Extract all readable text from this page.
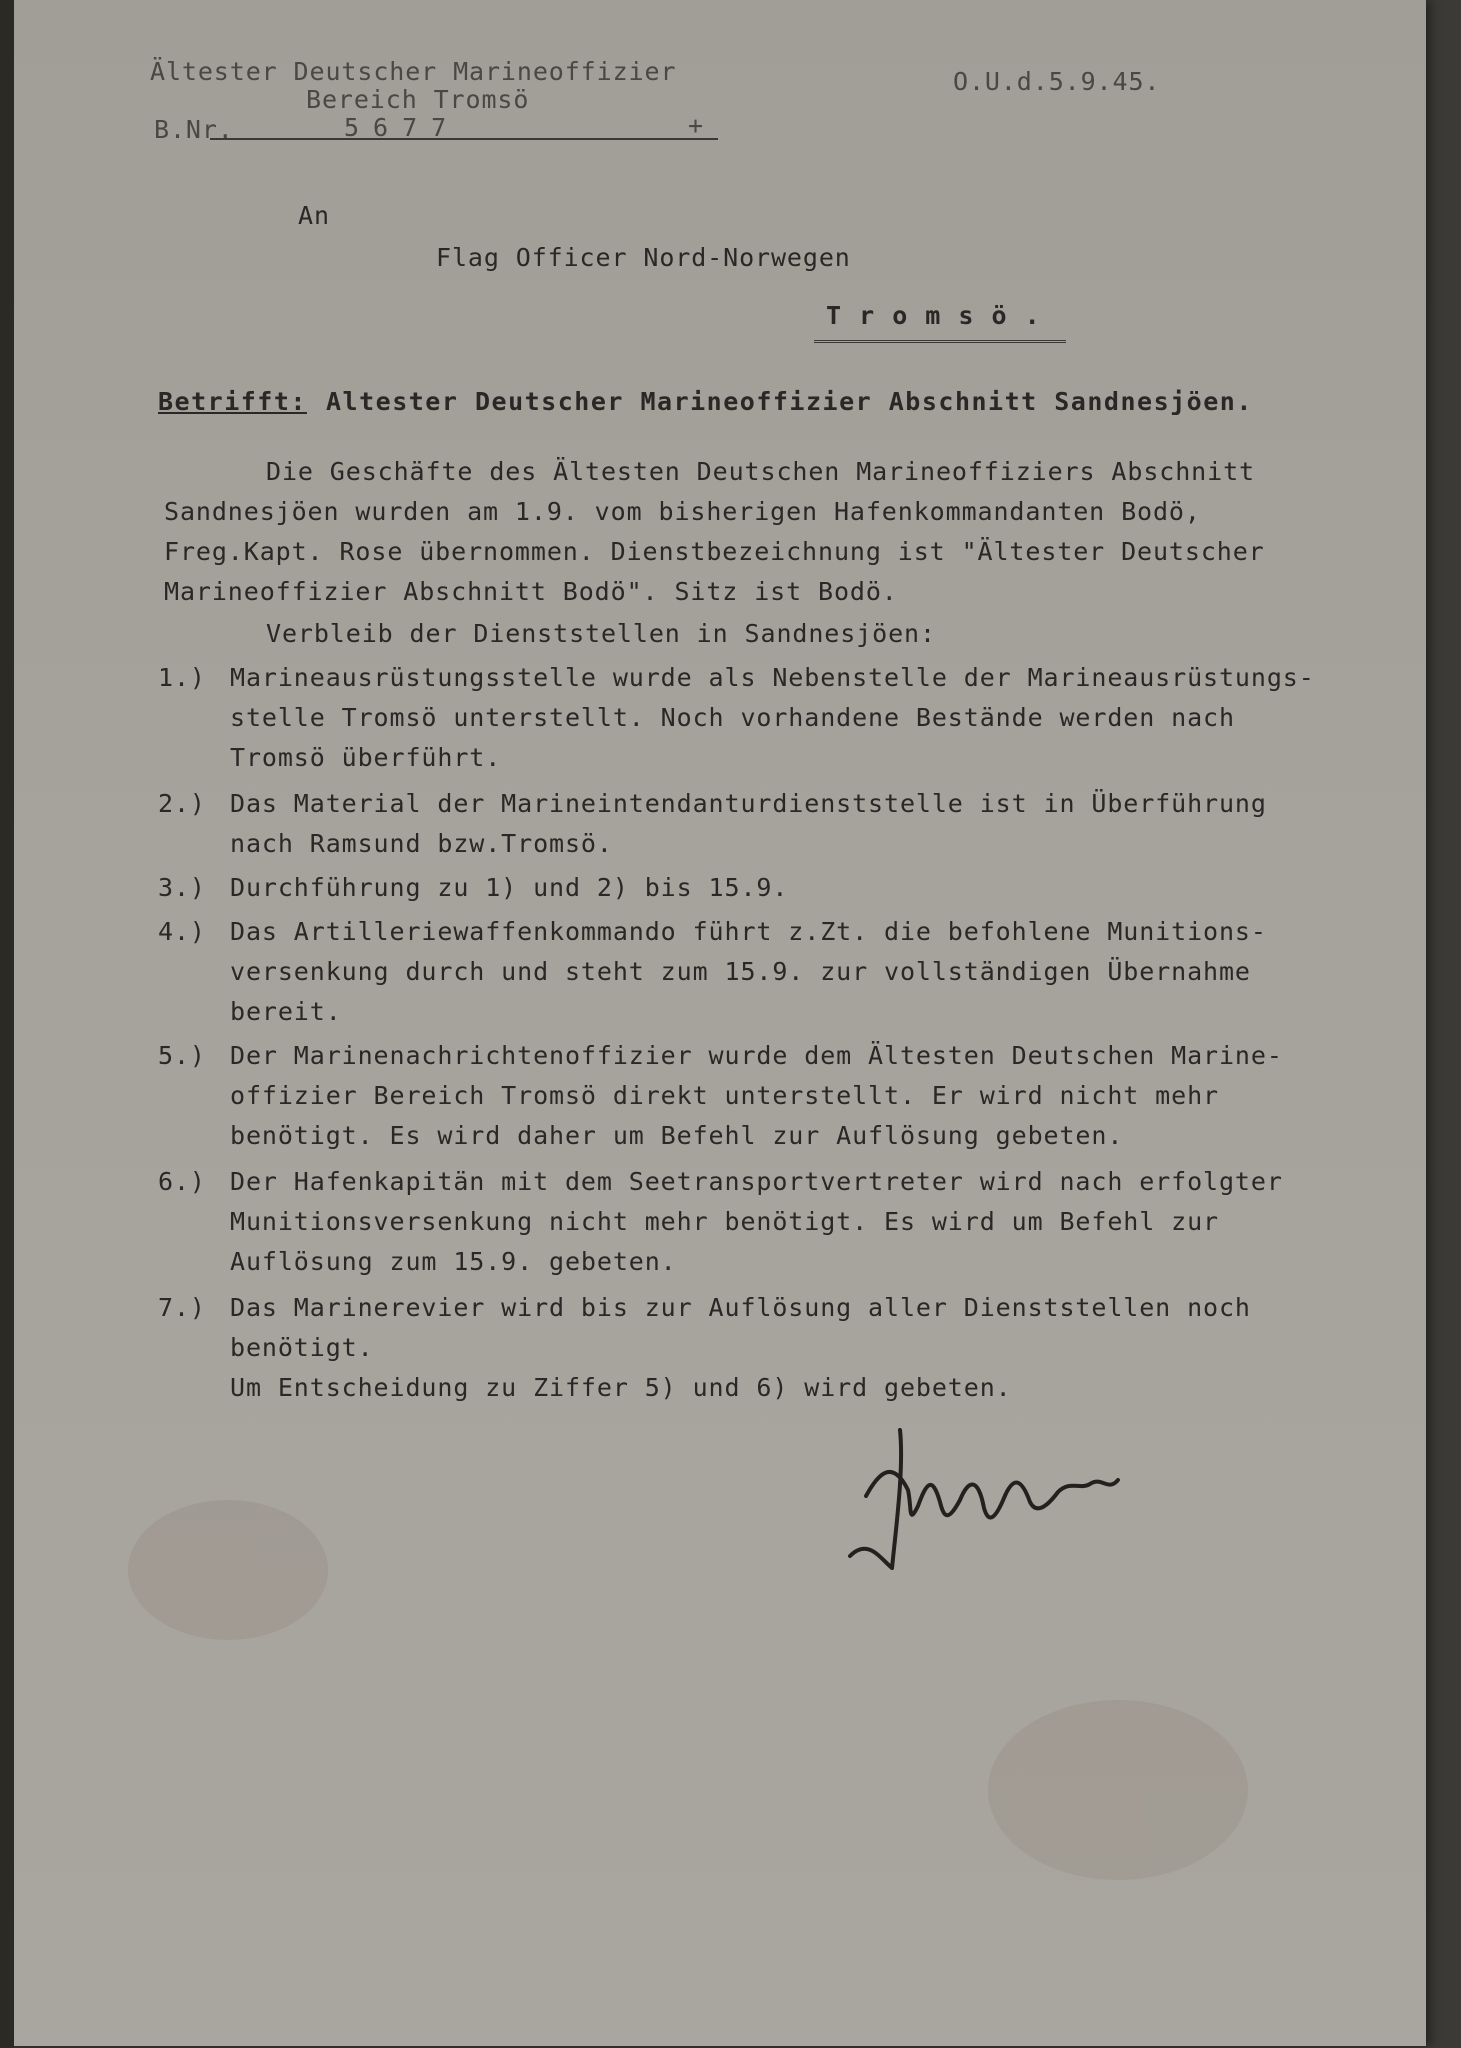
Ältester Deutscher Marineoffizier
Bereich Tromsö
O.U.d.5.9.45.
B.Nr.	5677	+
An
Flag Officer Nord-Norwegen
T r o m s ö .
Betrifft: Altester Deutscher Marineoffizier Abschnitt Sandnesjöen.
Die Geschäfte des Ältesten Deutschen Marineoffiziers Abschnitt
Sandnesjöen wurden am 1.9. vom bisherigen Hafenkommandanten Bodö,
Freg.Kapt. Rose übernommen. Dienstbezeichnung ist "Ältester Deutscher
Marineoffizier Abschnitt Bodö". Sitz ist Bodö.
Verbleib der Dienststellen in Sandnesjöen:
1.) Marineausrüstungsstelle wurde als Nebenstelle der Marineausrüstungs-
stelle Tromsö unterstellt. Noch vorhandene Bestände werden nach
Tromsö überführt.
2.) Das Material der Marineintendanturdienststelle ist in Überführung
nach Ramsund bzw.Tromsö.
3.) Durchführung zu 1) und 2) bis 15.9.
4.) Das Artilleriewaffenkommando führt z.Zt. die befohlene Munitions-
versenkung durch und steht zum 15.9. zur vollständigen Übernahme
bereit.
5.) Der Marinenachrichtenoffizier wurde dem Ältesten Deutschen Marine-
offizier Bereich Tromsö direkt unterstellt. Er wird nicht mehr
benötigt. Es wird daher um Befehl zur Auflösung gebeten.
6.) Der Hafenkapitän mit dem Seetransportvertreter wird nach erfolgter
Munitionsversenkung nicht mehr benötigt. Es wird um Befehl zur
Auflösung zum 15.9. gebeten.
7.) Das Marinerevier wird bis zur Auflösung aller Dienststellen noch
benötigt.
Um Entscheidung zu Ziffer 5) und 6) wird gebeten.
